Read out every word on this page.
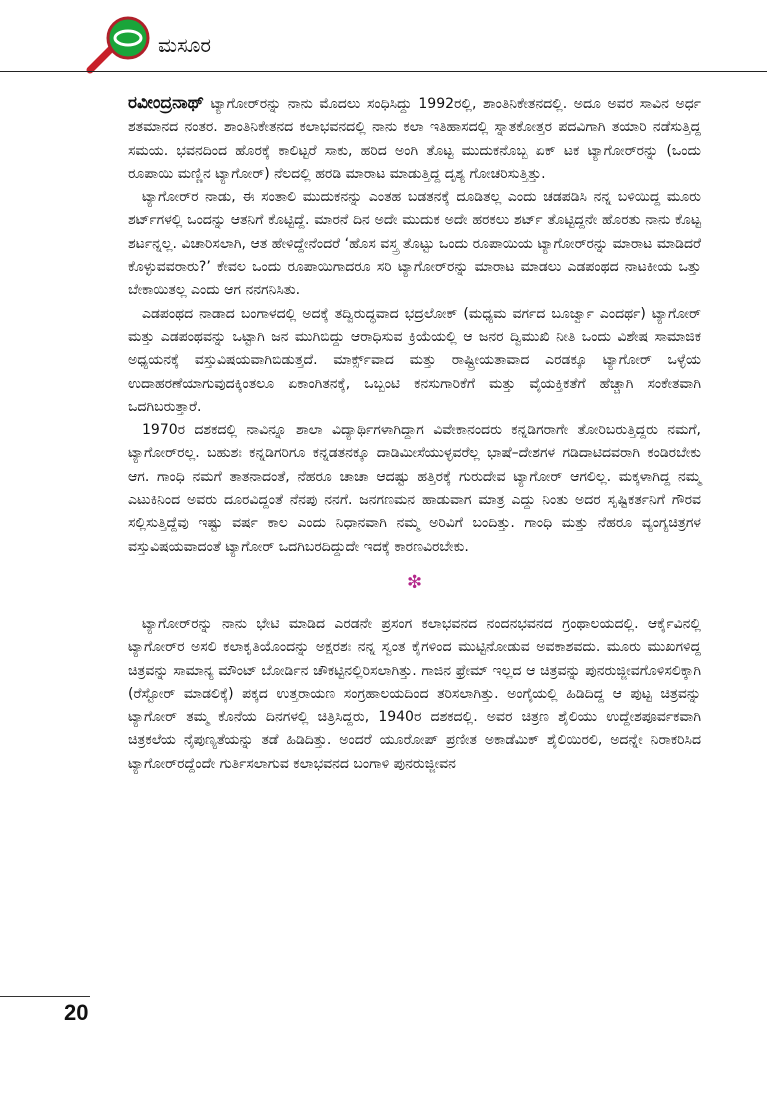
ಮಸೂರ

ರವೀಂದ್ರನಾಥ್ ಟ್ಯಾಗೋರ್‌ರನ್ನು ನಾನು ಮೊದಲು ಸಂಧಿಸಿದ್ದು 1992ರಲ್ಲಿ, ಶಾಂತಿನಿಕೇತನದಲ್ಲಿ. ಅದೂ ಅವರ ಸಾವಿನ ಅರ್ಧ ಶತಮಾನದ ನಂತರ. ಶಾಂತಿನಿಕೇತನದ ಕಲಾಭವನದಲ್ಲಿ ನಾನು ಕಲಾ ಇತಿಹಾಸದಲ್ಲಿ ಸ್ನಾತಕೋತ್ತರ ಪದವಿಗಾಗಿ ತಯಾರಿ ನಡೆಸುತ್ತಿದ್ದ ಸಮಯ. ಭವನದಿಂದ ಹೊರಕ್ಕೆ ಕಾಲಿಟ್ಟರೆ ಸಾಕು, ಹರಿದ ಅಂಗಿ ತೊಟ್ಟ ಮುದುಕನೊಬ್ಬ ಏಕ್ ಟಕ ಟ್ಯಾಗೋರ್‌ರನ್ನು (ಒಂದು ರೂಪಾಯಿ ಮಣ್ಣಿನ ಟ್ಯಾಗೋರ್) ನೆಲದಲ್ಲಿ ಹರಡಿ ಮಾರಾಟ ಮಾಡುತ್ತಿದ್ದ ದೃಶ್ಯ ಗೋಚರಿಸುತ್ತಿತ್ತು.

ಟ್ಯಾಗೋರ್‌ರ ನಾಡು, ಈ ಸಂತಾಲಿ ಮುದುಕನನ್ನು ಎಂತಹ ಬಡತನಕ್ಕೆ ದೂಡಿತಲ್ಲ ಎಂದು ಚಡಪಡಿಸಿ ನನ್ನ ಬಳಿಯಿದ್ದ ಮೂರು ಶರ್ಟ್‌ಗಳಲ್ಲಿ ಒಂದನ್ನು ಆತನಿಗೆ ಕೊಟ್ಟಿದ್ದೆ. ಮಾರನೆ ದಿನ ಅದೇ ಮುದುಕ ಅದೇ ಹರಕಲು ಶರ್ಟ್ ತೊಟ್ಟಿದ್ದನೇ ಹೊರತು ನಾನು ಕೊಟ್ಟ ಶರ್ಟನ್ನಲ್ಲ. ವಿಚಾರಿಸಲಾಗಿ, ಆತ ಹೇಳಿದ್ದೇನೆಂದರೆ ‘ಹೊಸ ವಸ್ತ್ರ ತೊಟ್ಟು ಒಂದು ರೂಪಾಯಿಯ ಟ್ಯಾಗೋರ್‌ರನ್ನು ಮಾರಾಟ ಮಾಡಿದರೆ ಕೊಳ್ಳುವವರಾರು?’ ಕೇವಲ ಒಂದು ರೂಪಾಯಿಗಾದರೂ ಸರಿ ಟ್ಯಾಗೋರ್‌ರನ್ನು ಮಾರಾಟ ಮಾಡಲು ಎಡಪಂಥದ ನಾಟಕೀಯ ಒತ್ತು ಬೇಕಾಯಿತಲ್ಲ ಎಂದು ಆಗ ನನಗನಿಸಿತು.

ಎಡಪಂಥದ ನಾಡಾದ ಬಂಗಾಳದಲ್ಲಿ ಅದಕ್ಕೆ ತದ್ವಿರುದ್ಧವಾದ ಭದ್ರಲೋಕ್ (ಮಧ್ಯಮ ವರ್ಗದ ಬೂರ್ಜ್ವಾ ಎಂದರ್ಥ) ಟ್ಯಾಗೋರ್ ಮತ್ತು ಎಡಪಂಥವನ್ನು ಒಟ್ಟಾಗಿ ಜನ ಮುಗಿಬಿದ್ದು ಆರಾಧಿಸುವ ಕ್ರಿಯೆಯಲ್ಲಿ ಆ ಜನರ ದ್ವಿಮುಖಿ ನೀತಿ ಒಂದು ವಿಶೇಷ ಸಾಮಾಜಿಕ ಅಧ್ಯಯನಕ್ಕೆ ವಸ್ತುವಿಷಯವಾಗಿಬಿಡುತ್ತದೆ. ಮಾರ್ಕ್ಸ್‌ವಾದ ಮತ್ತು ರಾಷ್ಟ್ರೀಯತಾವಾದ ಎರಡಕ್ಕೂ ಟ್ಯಾಗೋರ್ ಒಳ್ಳೆಯ ಉದಾಹರಣೆಯಾಗುವುದಕ್ಕಿಂತಲೂ ಏಕಾಂಗಿತನಕ್ಕೆ, ಒಬ್ಬಂಟಿ ಕನಸುಗಾರಿಕೆಗೆ ಮತ್ತು ವೈಯಕ್ತಿಕತೆಗೆ ಹೆಚ್ಚಾಗಿ ಸಂಕೇತವಾಗಿ ಒದಗಿಬರುತ್ತಾರೆ.

1970ರ ದಶಕದಲ್ಲಿ ನಾವಿನ್ನೂ ಶಾಲಾ ವಿದ್ಯಾರ್ಥಿಗಳಾಗಿದ್ದಾಗ ವಿವೇಕಾನಂದರು ಕನ್ನಡಿಗರಾಗೇ ತೋರಿಬರುತ್ತಿದ್ದರು ನಮಗೆ, ಟ್ಯಾಗೋರ್‌ರಲ್ಲ. ಬಹುಶಃ ಕನ್ನಡಿಗರಿಗೂ ಕನ್ನಡತನಕ್ಕೂ ದಾಡಿಮೀಸೆಯುಳ್ಳವರೆಲ್ಲ ಭಾಷೆ–ದೇಶಗಳ ಗಡಿದಾಟಿದವರಾಗಿ ಕಂಡಿರಬೇಕು ಆಗ. ಗಾಂಧಿ ನಮಗೆ ತಾತನಾದಂತೆ, ನೆಹರೂ ಚಾಚಾ ಆದಷ್ಟು ಹತ್ತಿರಕ್ಕೆ ಗುರುದೇವ ಟ್ಯಾಗೋರ್ ಆಗಲಿಲ್ಲ. ಮಕ್ಕಳಾಗಿದ್ದ ನಮ್ಮ ಎಟುಕಿನಿಂದ ಅವರು ದೂರವಿದ್ದಂತೆ ನೆನಪು ನನಗೆ. ಜನಗಣಮನ ಹಾಡುವಾಗ ಮಾತ್ರ ಎದ್ದು ನಿಂತು ಅದರ ಸೃಷ್ಟಿಕರ್ತನಿಗೆ ಗೌರವ ಸಲ್ಲಿಸುತ್ತಿದ್ದೆವು ಇಷ್ಟು ವರ್ಷ ಕಾಲ ಎಂದು ನಿಧಾನವಾಗಿ ನಮ್ಮ ಅರಿವಿಗೆ ಬಂದಿತ್ತು. ಗಾಂಧಿ ಮತ್ತು ನೆಹರೂ ವ್ಯಂಗ್ಯಚಿತ್ರಗಳ ವಸ್ತುವಿಷಯವಾದಂತೆ ಟ್ಯಾಗೋರ್ ಒದಗಿಬರದಿದ್ದುದೇ ಇದಕ್ಕೆ ಕಾರಣವಿರಬೇಕು.

❇

ಟ್ಯಾಗೋರ್‌ರನ್ನು ನಾನು ಭೇಟಿ ಮಾಡಿದ ಎರಡನೇ ಪ್ರಸಂಗ ಕಲಾಭವನದ ನಂದನಭವನದ ಗ್ರಂಥಾಲಯದಲ್ಲಿ. ಆರ್ಕೈವಿನಲ್ಲಿ ಟ್ಯಾಗೋರ್‌ರ ಅಸಲಿ ಕಲಾಕೃತಿಯೊಂದನ್ನು ಅಕ್ಷರಶಃ ನನ್ನ ಸ್ವಂತ ಕೈಗಳಿಂದ ಮುಟ್ಟಿನೋಡುವ ಅವಕಾಶವದು. ಮೂರು ಮುಖಗಳಿದ್ದ ಚಿತ್ರವನ್ನು ಸಾಮಾನ್ಯ ಮೌಂಟ್ ಬೋರ್ಡಿನ ಚೌಕಟ್ಟಿನಲ್ಲಿರಿಸಲಾಗಿತ್ತು. ಗಾಜಿನ ಫ್ರೇಮ್ ಇಲ್ಲದ ಆ ಚಿತ್ರವನ್ನು ಪುನರುಜ್ಜೀವಗೊಳಿಸಲಿಕ್ಕಾಗಿ (ರೆಸ್ಟೋರ್ ಮಾಡಲಿಕ್ಕೆ) ಪಕ್ಕದ ಉತ್ತರಾಯಣ ಸಂಗ್ರಹಾಲಯದಿಂದ ತರಿಸಲಾಗಿತ್ತು. ಅಂಗೈಯಲ್ಲಿ ಹಿಡಿದಿದ್ದ ಆ ಪುಟ್ಟ ಚಿತ್ರವನ್ನು ಟ್ಯಾಗೋರ್ ತಮ್ಮ ಕೊನೆಯ ದಿನಗಳಲ್ಲಿ ಚಿತ್ರಿಸಿದ್ದರು, 1940ರ ದಶಕದಲ್ಲಿ. ಅವರ ಚಿತ್ರಣ ಶೈಲಿಯು ಉದ್ದೇಶಪೂರ್ವಕವಾಗಿ ಚಿತ್ರಕಲೆಯ ನೈಪುಣ್ಯತೆಯನ್ನು ತಡೆ ಹಿಡಿದಿತ್ತು. ಅಂದರೆ ಯೂರೋಪ್ ಪ್ರಣೀತ ಅಕಾಡೆಮಿಕ್ ಶೈಲಿಯಿರಲಿ, ಅದನ್ನೇ ನಿರಾಕರಿಸಿದ ಟ್ಯಾಗೋರ್‌ರದ್ದೆಂದೇ ಗುರ್ತಿಸಲಾಗುವ ಕಲಾಭವನದ ಬಂಗಾಳಿ ಪುನರುಜ್ಜೀವನ

20
